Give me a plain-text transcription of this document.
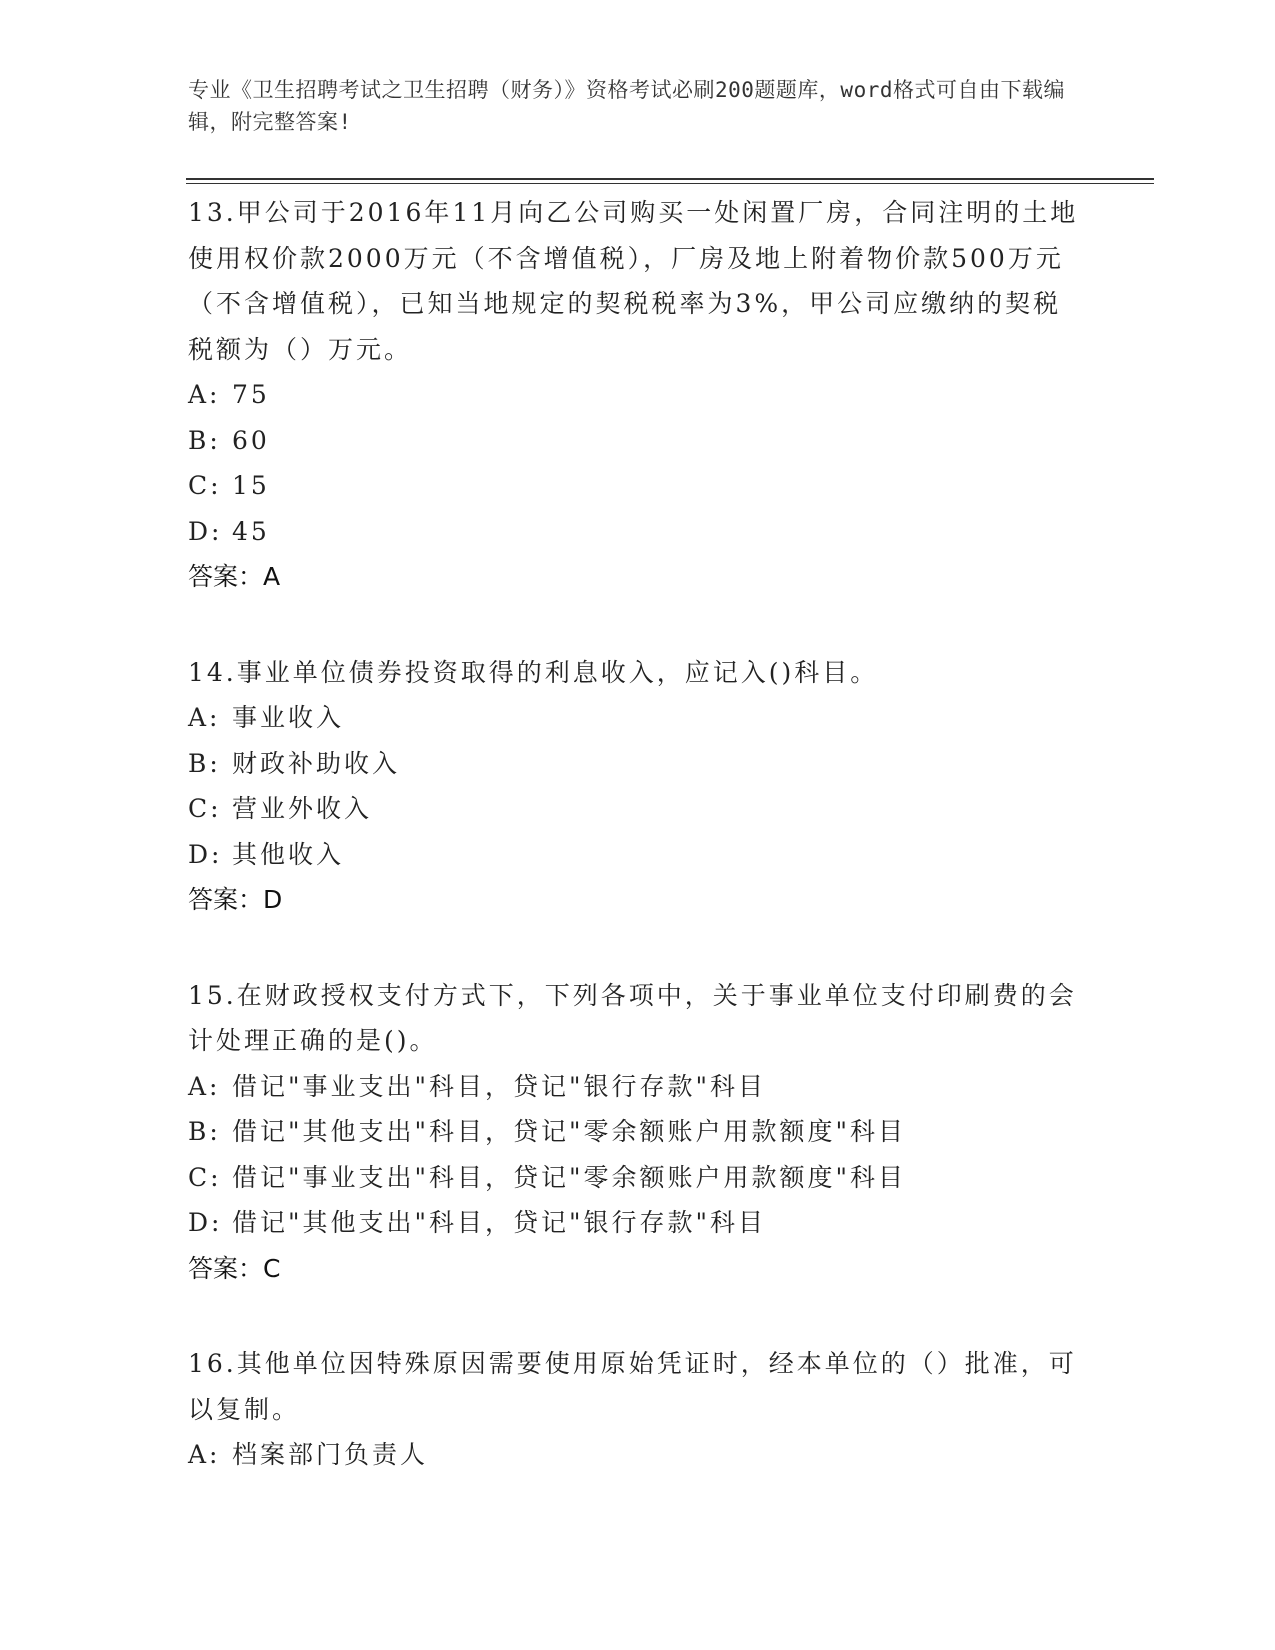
专业《卫生招聘考试之卫生招聘（财务）》资格考试必刷200题题库，word格式可自由下载编辑，附完整答案!

13.甲公司于2016年11月向乙公司购买一处闲置厂房，合同注明的土地使用权价款2000万元（不含增值税），厂房及地上附着物价款500万元（不含增值税），已知当地规定的契税税率为3%，甲公司应缴纳的契税税额为（）万元。

A: 75
B: 60
C: 15
D: 45
答案：A

14.事业单位债券投资取得的利息收入，应记入()科目。

A: 事业收入
B: 财政补助收入
C: 营业外收入
D: 其他收入
答案：D

15.在财政授权支付方式下，下列各项中，关于事业单位支付印刷费的会计处理正确的是()。

A: 借记"事业支出"科目，贷记"银行存款"科目
B: 借记"其他支出"科目，贷记"零余额账户用款额度"科目
C: 借记"事业支出"科目，贷记"零余额账户用款额度"科目
D: 借记"其他支出"科目，贷记"银行存款"科目
答案：C

16.其他单位因特殊原因需要使用原始凭证时，经本单位的（）批准，可以复制。

A: 档案部门负责人
